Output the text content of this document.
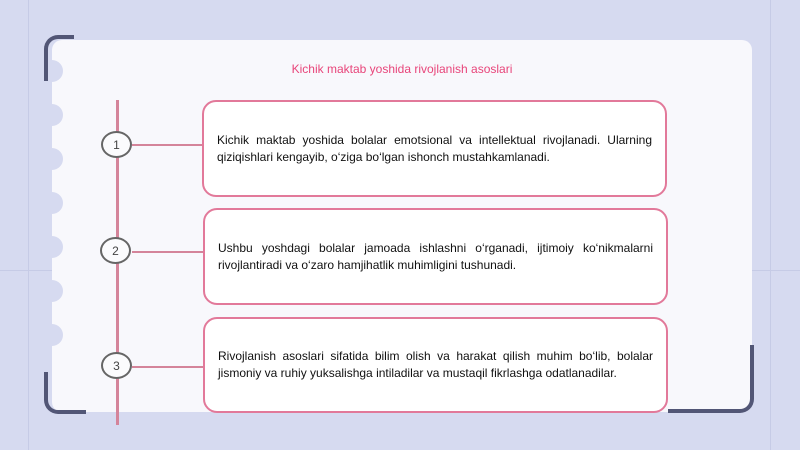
Kichik maktab yoshida rivojlanish asoslari
1	Kichik maktab yoshida bolalar emotsional va intellektual rivojlanadi. Ularning qiziqishlari kengayib, o‘ziga bo‘lgan ishonch mustahkamlanadi.

2	Ushbu yoshdagi bolalar jamoada ishlashni o‘rganadi, ijtimoiy ko‘nikmalarni rivojlantiradi va o‘zaro hamjihatlik muhimligini tushunadi.

3

Rivojlanish asoslari sifatida bilim olish va harakat qilish muhim bo‘lib, bolalar jismoniy va ruhiy yuksalishga intiladilar va mustaqil fikrlashga odatlanadilar.
